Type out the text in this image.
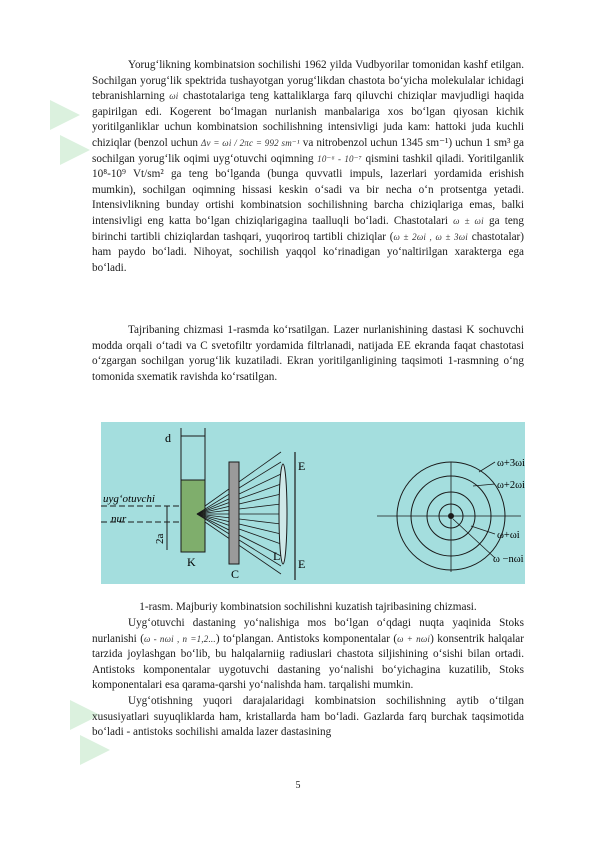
Yorug‘likning kombinatsion sochilishi 1962 yilda Vudbyorilar tomonidan kashf etilgan. Sochilgan yorug‘lik spektrida tushayotgan yorug‘likdan chastota bo‘yicha molekulalar ichidagi tebranishlarning ωi chastotalariga teng kattaliklarga farq qiluvchi chiziqlar mavjudligi haqida gapirilgan edi. Kogerent bo‘lmagan nurlanish manbalariga xos bo‘lgan qiyosan kichik yoritilganliklar uchun kombinatsion sochilishning intensivligi juda kam: hattoki juda kuchli chiziqlar (benzol uchun Δν = ωi / 2πc = 992 sm⁻¹ va nitrobenzol uchun 1345 sm⁻¹) uchun 1 sm³ ga sochilgan yorug‘lik oqimi uyg‘otuvchi oqimning 10⁻⁶ - 10⁻⁷ qismini tashkil qiladi. Yoritilganlik 10⁸-10⁹ Vt/sm² ga teng bo‘lganda (bunga quvvatli impuls, lazerlari yordamida erishish mumkin), sochilgan oqimning hissasi keskin o‘sadi va bir necha o‘n protsentga yetadi. Intensivlikning bunday ortishi kombinatsion sochilishning barcha chiziqlariga emas, balki intensivligi eng katta bo‘lgan chiziqlarigagina taalluqli bo‘ladi. Chastotalari ω ± ωi ga teng birinchi tartibli chiziqlardan tashqari, yuqoriroq tartibli chiziqlar (ω ± 2ωi , ω ± 3ωi chastotalar) ham paydo bo‘ladi. Nihoyat, sochilish yaqqol ko‘rinadigan yo‘naltirilgan xarakterga ega bo‘ladi.

Tajribaning chizmasi 1-rasmda ko‘rsatilgan. Lazer nurlanishining dastasi K sochuvchi modda orqali o‘tadi va C svetofiltr yordamida filtrlanadi, natijada EE ekranda faqat chastotasi o‘zgargan sochilgan yorug‘lik kuzatiladi. Ekran yoritilganligining taqsimoti 1-rasmning o‘ng tomonida sxematik ravishda ko‘rsatilgan.

d
uyg‘otuvchi
nur
2a
K
C
L
E
E
ω+3ωi
ω+2ωi
ω+ωi
ω −nωi
1-rasm. Majburiy kombinatsion sochilishni kuzatish tajribasining chizmasi.

Uyg‘otuvchi dastaning yo‘nalishiga mos bo‘lgan o‘qdagi nuqta yaqinida Stoks nurlanishi (ω - nωi , n =1,2...) to‘plangan. Antistoks komponentalar (ω + nωi) konsentrik halqalar tarzida joylashgan bo‘lib, bu halqalarniig radiuslari chastota siljishining o‘sishi bilan ortadi. Antistoks komponentalar uygotuvchi dastaning yo‘nalishi bo‘yichagina kuzatilib, Stoks komponentalari esa qarama-qarshi yo‘nalishda ham. tarqalishi mumkin.

Uyg‘otishning yuqori darajalaridagi kombinatsion sochilishning aytib o‘tilgan xususiyatlari suyuqliklarda ham, kristallarda ham bo‘ladi. Gazlarda farq burchak taqsimotida bo‘ladi - antistoks sochilishi amalda lazer dastasining

5
